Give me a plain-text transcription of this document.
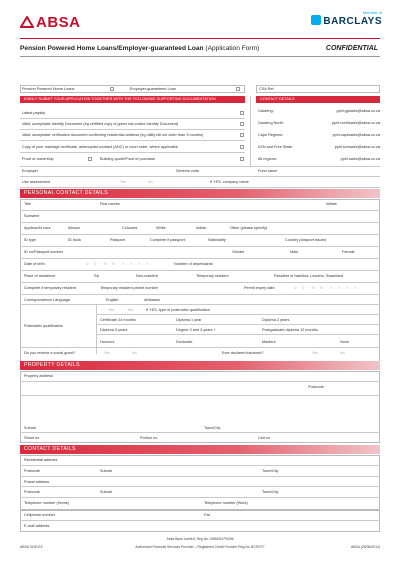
ABSA
Member of
BARCLAYS
Pension Powered Home Loans/Employer-guaranteed Loan (Application Form)	CONFIDENTIAL
Pension Powered Home Loans	Employer-guaranteed Loan	CSA Ref
KINDLY SUBMIT YOUR APPLICATION TOGETHER WITH THE FOLLOWING SUPPORTING DOCUMENTATION	CONTACT DETAILS
Latest payslip
Valid, acceptable Identity Document (eg certified copy of green bar-coded Identity Document)
Valid, acceptable verification document confirming residential address (eg utility bill not older than 3 months)
Copy of your marriage certificate, antenuptial contract (ANC) or court order, where applicable
Proof of ownership	Building quote/Proof of purchase
Gauteng:	pphl.gpsales@absa.co.za
Gauteng North:	pphl.northsales@absa.co.za
Cape Regions:	pphl.capesales@absa.co.za
KZN and Free State:	pphl.kznsales@absa.co.za
All regions:	pphl.sales@absa.co.za
Employer	Scheme code	Fund name
Use assessment	Yes	No	If YES, company name
PERSONAL CONTACT DETAILS
Title	First names	Initials
Surname
Applicant's race	African	Coloured	White	Indian	Other (please specify)
ID type	ID book	Passport	Complete if passport:	Nationality	Country passport issued
ID no/Passport number	Gender	Male	Female
Date of birth	D D M M Y Y Y Y	Number of dependants
Place of residence	SA	Non-resident	Temporary resident	Resident of Namibia, Lesotho, Swaziland
Complete if temporary resident	Temporary resident permit number	Permit expiry date	D D M M Y Y Y Y
Correspondence Language	English	Afrikaans
Postmatric qualification
Yes	No	If YES, type of postmatric qualification
Certificate 24 months	Diploma 1 year	Diploma 2 years
Diploma 3 years	Degree 3 and 3 years +	Postgraduate diploma 12 months
Honours	Doctorate	Masters	None
Do you receive a social grant?	Yes	No	Ever declared insolvent?	Yes	No
PROPERTY DETAILS
Property address
Postcode
Suburb	Town/City
Stand no	Portion no	Unit no
CONTACT DETAILS
Residential address
Postcode	Suburb	Town/City
Postal address
Postcode	Suburb	Town/City
Telephone number (Home)	Telephone number (Work)
Cellphone number	Fax
E-mail address
ABSA 3190 EX
Absa Bank Limited, Reg No 1986/004794/06
Authorised Financial Services Provider – Registered Credit Provider Reg No NCRCP7	ABSA (25/06/2012)
